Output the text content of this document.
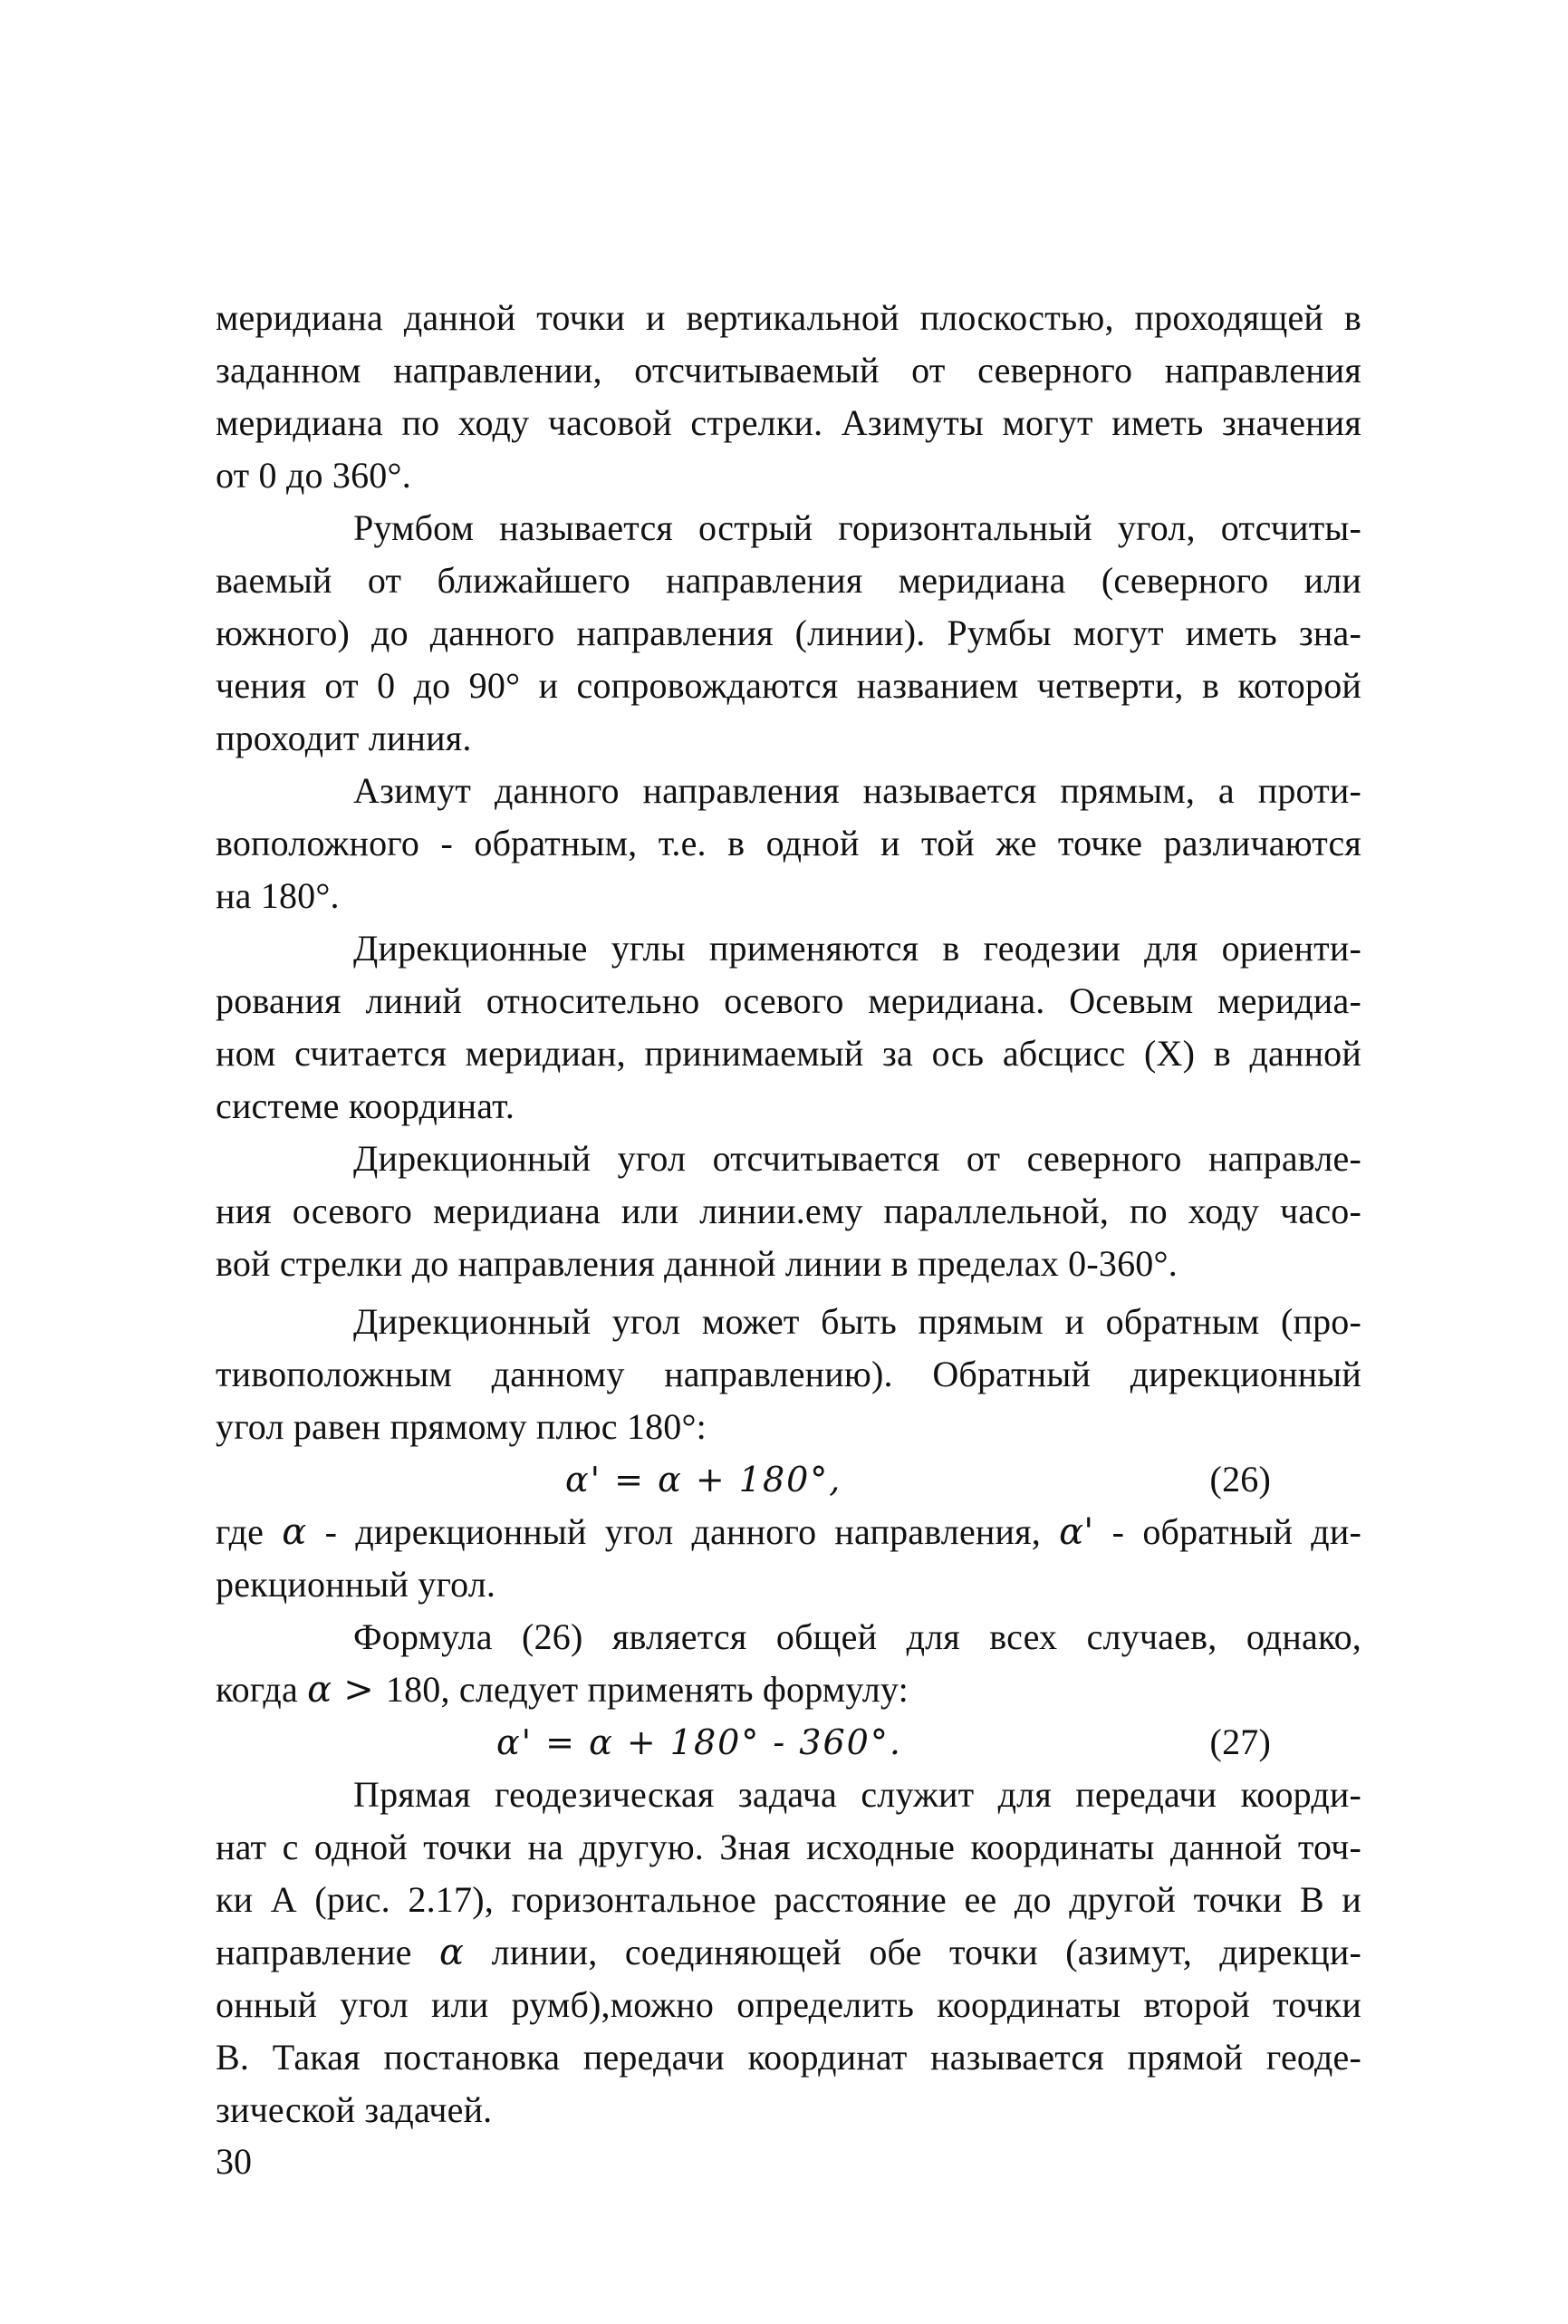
меридиана данной точки и вертикальной плоскостью, проходящей в
заданном направлении, отсчитываемый от северного направления
меридиана по ходу часовой стрелки. Азимуты могут иметь значения
от 0 до 360°.

Румбом называется острый горизонтальный угол, отсчиты-
ваемый от ближайшего направления меридиана (северного или
южного) до данного направления (линии). Румбы могут иметь зна-
чения от 0 до 90° и сопровождаются названием четверти, в которой
проходит линия.

Азимут данного направления называется прямым, а проти-
воположного - обратным, т.е. в одной и той же точке различаются
на 180°.

Дирекционные углы применяются в геодезии для ориенти-
рования линий относительно осевого меридиана. Осевым меридиа-
ном считается меридиан, принимаемый за ось абсцисс (X) в данной
системе координат.

Дирекционный угол отсчитывается от северного направле-
ния осевого меридиана или линии.ему параллельной, по ходу часо-
вой стрелки до направления данной линии в пределах 0-360°.

Дирекционный угол может быть прямым и обратным (про-
тивоположным данному направлению). Обратный дирекционный
угол равен прямому плюс 180°:

α' = α + 180°,	(26)

где α - дирекционный угол данного направления, α' - обратный ди-
рекционный угол.

Формула (26) является общей для всех случаев, однако,
когда α > 180, следует применять формулу:

α' = α + 180° - 360°.	(27)

Прямая геодезическая задача служит для передачи коорди-
нат с одной точки на другую. Зная исходные координаты данной точ-
ки А (рис. 2.17), горизонтальное расстояние ее до другой точки В и
направление α линии, соединяющей обе точки (азимут, дирекци-
онный угол или румб),можно определить координаты второй точки
В. Такая постановка передачи координат называется прямой геоде-
зической задачей.

30
